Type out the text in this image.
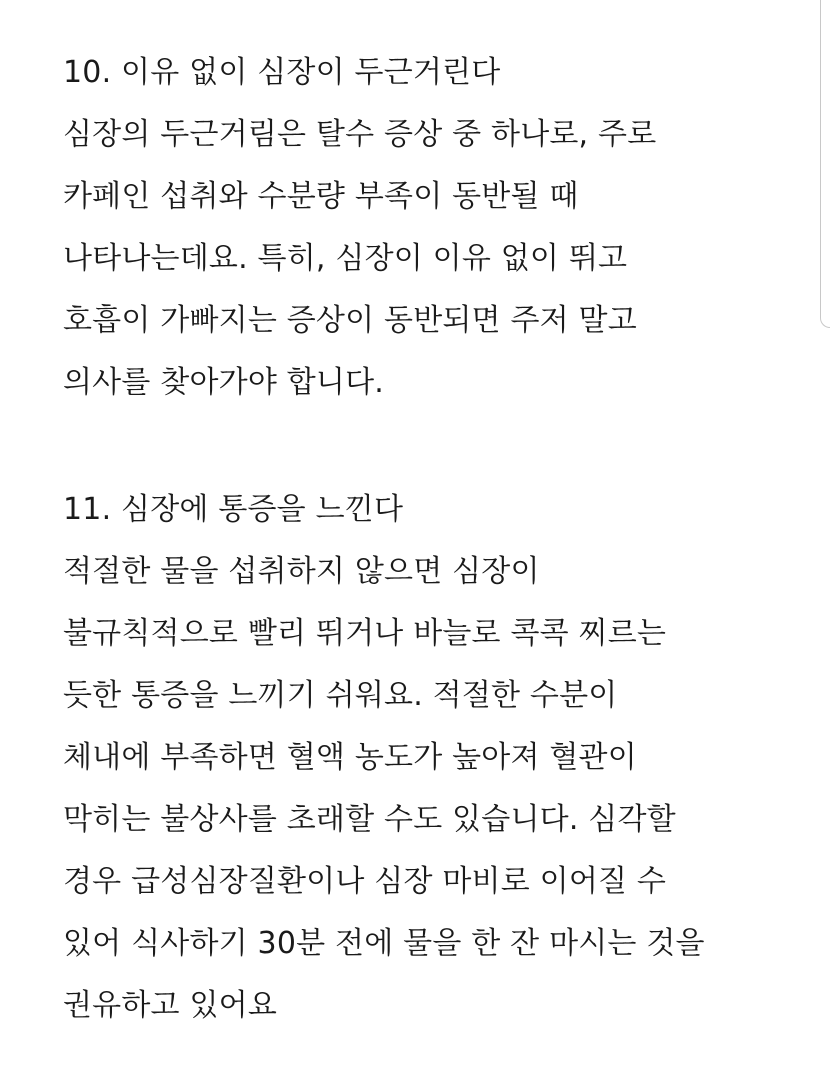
10. 이유 없이 심장이 두근거린다
심장의 두근거림은 탈수 증상 중 하나로, 주로
카페인 섭취와 수분량 부족이 동반될 때
나타나는데요. 특히, 심장이 이유 없이 뛰고
호흡이 가빠지는 증상이 동반되면 주저 말고
의사를 찾아가야 합니다.
11. 심장에 통증을 느낀다
적절한 물을 섭취하지 않으면 심장이
불규칙적으로 빨리 뛰거나 바늘로 콕콕 찌르는
듯한 통증을 느끼기 쉬워요. 적절한 수분이
체내에 부족하면 혈액 농도가 높아져 혈관이
막히는 불상사를 초래할 수도 있습니다. 심각할
경우 급성심장질환이나 심장 마비로 이어질 수
있어 식사하기 30분 전에 물을 한 잔 마시는 것을
권유하고 있어요
